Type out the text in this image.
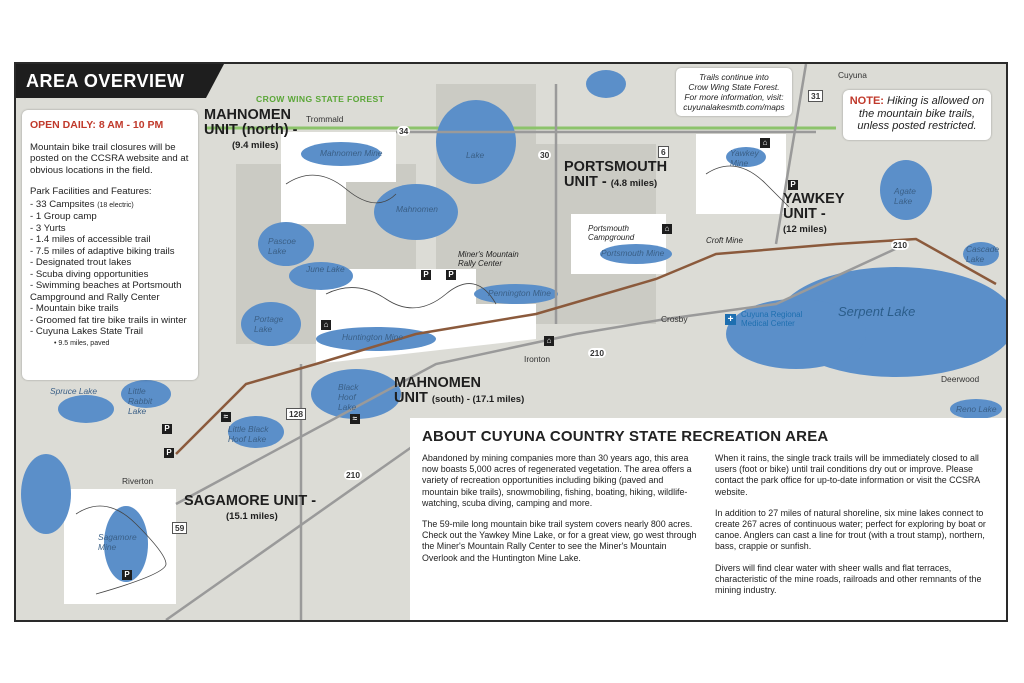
AREA OVERVIEW
OPEN DAILY: 8 AM - 10 PM
Mountain bike trail closures will be posted on the CCSRA website and at obvious locations in the field.
Park Facilities and Features:
- 33 Campsites (18 electric)
- 1 Group camp
- 3 Yurts
- 1.4 miles of accessible trail
- 7.5 miles of adaptive biking trails
- Designated trout lakes
- Scuba diving opportunities
- Swimming beaches at Portsmouth Campground and Rally Center
- Mountain bike trails
- Groomed fat tire bike trails in winter
- Cuyuna Lakes State Trail
• 9.5 miles, paved
Trails continue into
Crow Wing State Forest.
For more information, visit:
cuyunalakesmtb.com/maps	NOTE: Hiking is allowed on the mountain bike trails, unless posted restricted.
CROW WING STATE FOREST
MAHNOMEN
UNIT (north) -
(9.4 miles)
PORTSMOUTH
UNIT - (4.8 miles)
YAWKEY
UNIT -
(12 miles)
MAHNOMEN
UNIT (south) - (17.1 miles)
SAGAMORE UNIT -
(15.1 miles)
Trommald
Cuyuna
Crosby
Ironton
Riverton
Deerwood
Serpent Lake
Agate Lake
Portage Lake
June Lake
Pascoe Lake
Mahnomen
Mahnomen Mine	Lake	Yawkey Mine
Portsmouth Mine
Pennington Mine
Huntington Mine
Sagamore Mine
Black Hoof Lake
Little Black Hoof Lake
Little Rabbit Lake
Spruce Lake
Cascade Lake
Reno Lake
Miner's Mountain Rally Center
Portsmouth Campground	Croft Mine
+ Cuyuna Regional Medical Center
P P
P
P
P
P
⌂
⌂
≈
≈
⌂
⌂
34
30	6
31
210
210
128
210
59
ABOUT CUYUNA COUNTRY STATE RECREATION AREA

Abandoned by mining companies more than 30 years ago, this area now boasts 5,000 acres of regenerated vegetation. The area offers a variety of recreation opportunities including biking (paved and mountain bike trails), snowmobiling, fishing, boating, hiking, wildlife-watching, scuba diving, camping and more.

The 59-mile long mountain bike trail system covers nearly 800 acres. Check out the Yawkey Mine Lake, or for a great view, go west through the Miner's Mountain Rally Center to see the Miner's Mountain Overlook and the Huntington Mine Lake.

When it rains, the single track trails will be immediately closed to all users (foot or bike) until trail conditions dry out or improve. Please contact the park office for up-to-date information or visit the CCSRA website.

In addition to 27 miles of natural shoreline, six mine lakes connect to create 267 acres of continuous water; perfect for exploring by boat or canoe. Anglers can cast a line for trout (with a trout stamp), northern, bass, crappie or sunfish.

Divers will find clear water with sheer walls and flat terraces, characteristic of the mine roads, railroads and other remnants of the mining industry.
